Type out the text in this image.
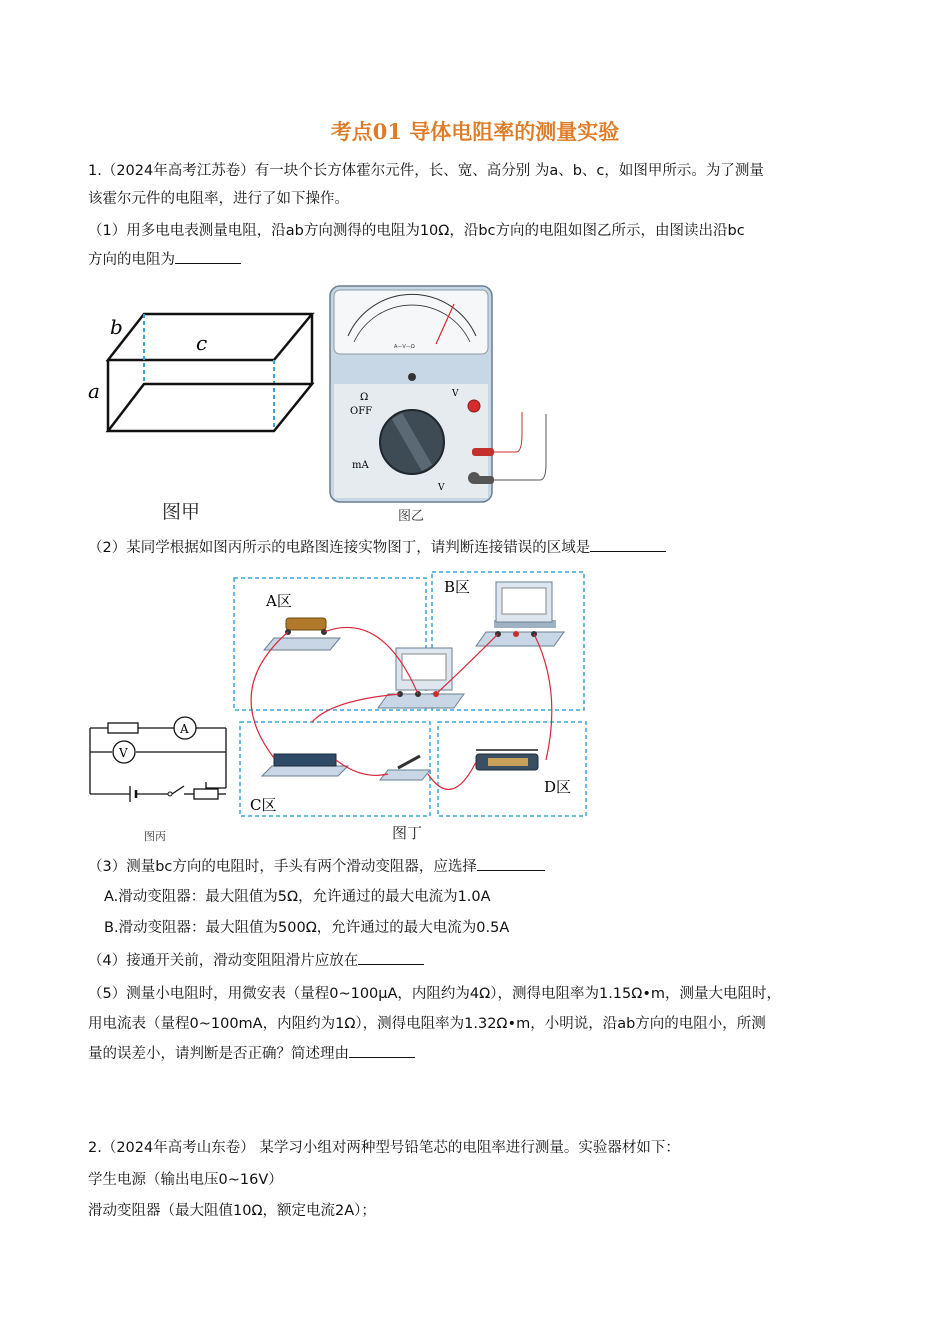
考点01 导体电阻率的测量实验
1.（2024年高考江苏卷）有一块个长方体霍尔元件，长、宽、高分别 为a、b、c，如图甲所示。为了测量
该霍尔元件的电阻率，进行了如下操作。
（1）用多电电表测量电阻，沿ab方向测得的电阻为10Ω，沿bc方向的电阻如图乙所示，由图读出沿bc
方向的电阻为
b
c
a
图甲
A—V—Ω
OFF
Ω
mA
V
V
图乙
（2）某同学根据如图丙所示的电路图连接实物图丁，请判断连接错误的区域是
A
V
图丙
A区
B区
C区
D区
图丁
（3）测量bc方向的电阻时，手头有两个滑动变阻器，应选择
A.滑动变阻器：最大阻值为5Ω，允许通过的最大电流为1.0A
B.滑动变阻器：最大阻值为500Ω，允许通过的最大电流为0.5A
（4）接通开关前，滑动变阻阻滑片应放在
（5）测量小电阻时，用微安表（量程0~100μA，内阻约为4Ω），测得电阻率为1.15Ω•m，测量大电阻时，
用电流表（量程0~100mA，内阻约为1Ω），测得电阻率为1.32Ω•m，小明说，沿ab方向的电阻小，所测
量的误差小，请判断是否正确？简述理由
2.（2024年高考山东卷） 某学习小组对两种型号铅笔芯的电阻率进行测量。实验器材如下：
学生电源（输出电压0~16V）
滑动变阻器（最大阻值10Ω，额定电流2A）；
